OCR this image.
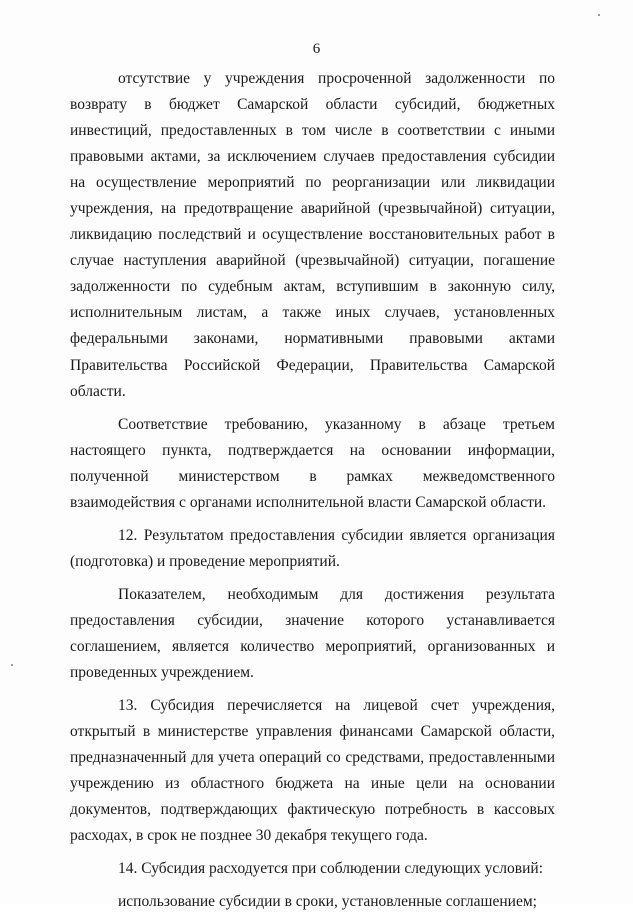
6

отсутствие у учреждения просроченной задолженности по возврату в бюджет Самарской области субсидий, бюджетных инвестиций, предоставленных в том числе в соответствии с иными правовыми актами, за исключением случаев предоставления субсидии на осуществление мероприятий по реорганизации или ликвидации учреждения, на предотвращение аварийной (чрезвычайной) ситуации, ликвидацию последствий и осуществление восстановительных работ в случае наступления аварийной (чрезвычайной) ситуации, погашение задолженности по судебным актам, вступившим в законную силу, исполнительным листам, а также иных случаев, установленных федеральными законами, нормативными правовыми актами Правительства Российской Федерации, Правительства Самарской области.

Соответствие требованию, указанному в абзаце третьем настоящего пункта, подтверждается на основании информации, полученной министерством в рамках межведомственного взаимодействия с органами исполнительной власти Самарской области.

12. Результатом предоставления субсидии является организация (подготовка) и проведение мероприятий.

Показателем, необходимым для достижения результата предоставления субсидии, значение которого устанавливается соглашением, является количество мероприятий, организованных и проведенных учреждением.

13. Субсидия перечисляется на лицевой счет учреждения, открытый в министерстве управления финансами Самарской области, предназначенный для учета операций со средствами, предоставленными учреждению из областного бюджета на иные цели на основании документов, подтверждающих фактическую потребность в кассовых расходах, в срок не позднее 30 декабря текущего года.

14. Субсидия расходуется при соблюдении следующих условий:

использование субсидии в сроки, установленные соглашением;
